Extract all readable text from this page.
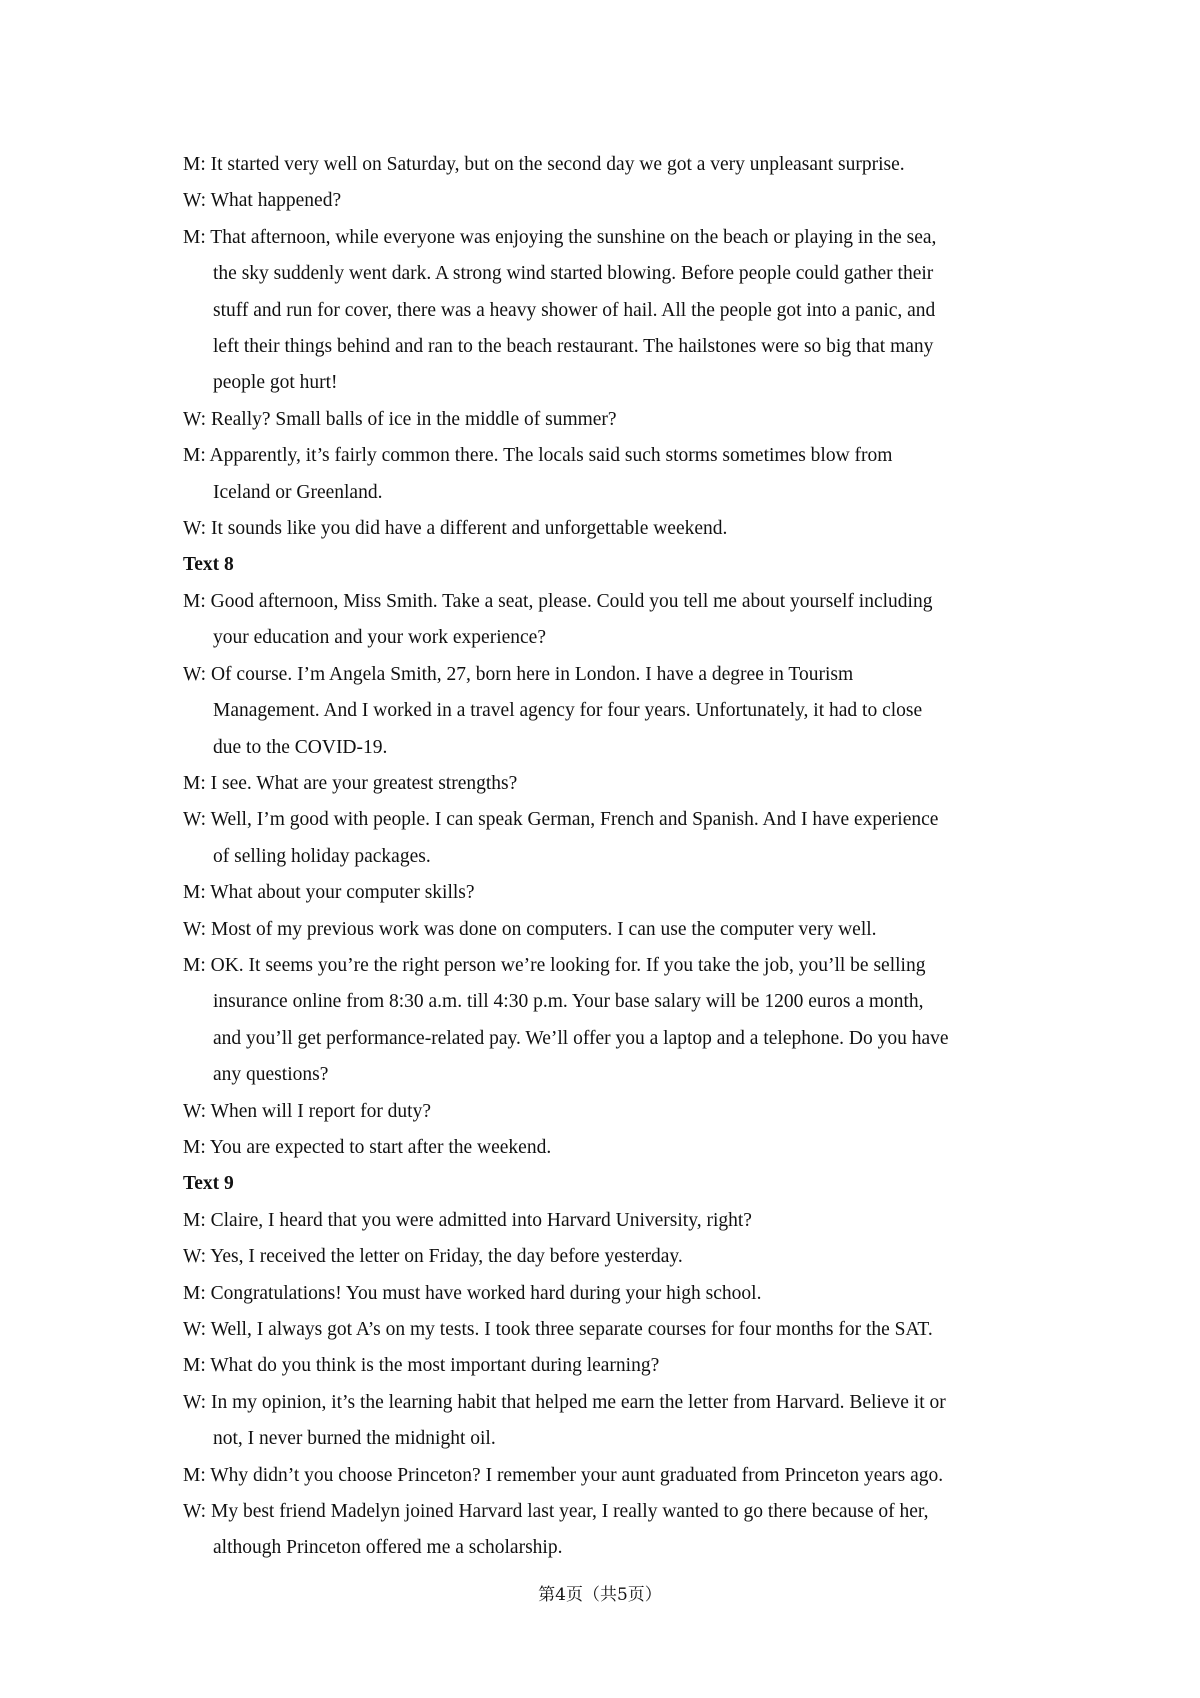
M: It started very well on Saturday, but on the second day we got a very unpleasant surprise.
W: What happened?
M: That afternoon, while everyone was enjoying the sunshine on the beach or playing in the sea,
the sky suddenly went dark. A strong wind started blowing. Before people could gather their
stuff and run for cover, there was a heavy shower of hail. All the people got into a panic, and
left their things behind and ran to the beach restaurant. The hailstones were so big that many
people got hurt!
W: Really? Small balls of ice in the middle of summer?
M: Apparently, it’s fairly common there. The locals said such storms sometimes blow from
Iceland or Greenland.
W: It sounds like you did have a different and unforgettable weekend.
Text 8
M: Good afternoon, Miss Smith. Take a seat, please. Could you tell me about yourself including
your education and your work experience?
W: Of course. I’m Angela Smith, 27, born here in London. I have a degree in Tourism
Management. And I worked in a travel agency for four years. Unfortunately, it had to close
due to the COVID-19.
M: I see. What are your greatest strengths?
W: Well, I’m good with people. I can speak German, French and Spanish. And I have experience
of selling holiday packages.
M: What about your computer skills?
W: Most of my previous work was done on computers. I can use the computer very well.
M: OK. It seems you’re the right person we’re looking for. If you take the job, you’ll be selling
insurance online from 8:30 a.m. till 4:30 p.m. Your base salary will be 1200 euros a month,
and you’ll get performance-related pay. We’ll offer you a laptop and a telephone. Do you have
any questions?
W: When will I report for duty?
M: You are expected to start after the weekend.
Text 9
M: Claire, I heard that you were admitted into Harvard University, right?
W: Yes, I received the letter on Friday, the day before yesterday.
M: Congratulations! You must have worked hard during your high school.
W: Well, I always got A’s on my tests. I took three separate courses for four months for the SAT.
M: What do you think is the most important during learning?
W: In my opinion, it’s the learning habit that helped me earn the letter from Harvard. Believe it or
not, I never burned the midnight oil.
M: Why didn’t you choose Princeton? I remember your aunt graduated from Princeton years ago.
W: My best friend Madelyn joined Harvard last year, I really wanted to go there because of her,
although Princeton offered me a scholarship.
第4页（共5页）
